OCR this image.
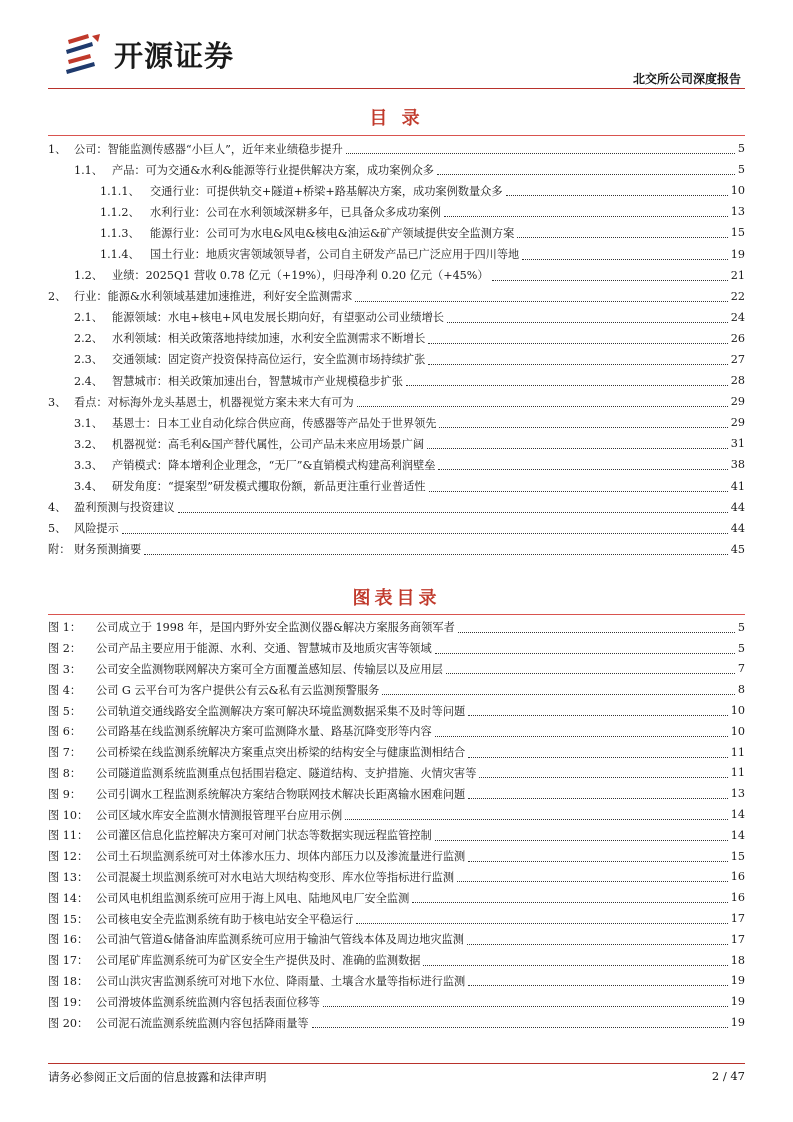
开源证券
北交所公司深度报告
目 录
1、 公司：智能监测传感器“小巨人”，近年来业绩稳步提升	5
1.1、 产品：可为交通&水利&能源等行业提供解决方案，成功案例众多	5
1.1.1、 交通行业：可提供轨交+隧道+桥梁+路基解决方案，成功案例数量众多	10
1.1.2、 水利行业：公司在水利领域深耕多年，已具备众多成功案例	13
1.1.3、 能源行业：公司可为水电&风电&核电&油运&矿产领域提供安全监测方案	15
1.1.4、 国土行业：地质灾害领域领导者，公司自主研发产品已广泛应用于四川等地	19
1.2、 业绩：2025Q1 营收 0.78 亿元（+19%），归母净利 0.20 亿元（+45%）	21
2、 行业：能源&水利领域基建加速推进，利好安全监测需求	22
2.1、 能源领域：水电+核电+风电发展长期向好，有望驱动公司业绩增长	24
2.2、 水利领域：相关政策落地持续加速，水利安全监测需求不断增长	26
2.3、 交通领域：固定资产投资保持高位运行，安全监测市场持续扩张	27
2.4、 智慧城市：相关政策加速出台，智慧城市产业规模稳步扩张	28
3、 看点：对标海外龙头基恩士，机器视觉方案未来大有可为	29
3.1、 基恩士：日本工业自动化综合供应商，传感器等产品处于世界领先	29
3.2、 机器视觉：高毛利&国产替代属性，公司产品未来应用场景广阔	31
3.3、 产销模式：降本增利企业理念，“无厂”&直销模式构建高利润壁垒	38
3.4、 研发角度：“提案型”研发模式攫取份额，新品更注重行业普适性	41
4、 盈利预测与投资建议	44
5、 风险提示	44
附： 财务预测摘要	45
图表目录
图 1：	公司成立于 1998 年，是国内野外安全监测仪器&解决方案服务商领军者	5
图 2：	公司产品主要应用于能源、水利、交通、智慧城市及地质灾害等领域	5
图 3：	公司安全监测物联网解决方案可全方面覆盖感知层、传输层以及应用层	7
图 4：	公司 G 云平台可为客户提供公有云&私有云监测预警服务	8
图 5：	公司轨道交通线路安全监测解决方案可解决环境监测数据采集不及时等问题	10
图 6：	公司路基在线监测系统解决方案可监测降水量、路基沉降变形等内容	10
图 7：	公司桥梁在线监测系统解决方案重点突出桥梁的结构安全与健康监测相结合	11
图 8：	公司隧道监测系统监测重点包括围岩稳定、隧道结构、支护措施、火情灾害等	11
图 9：	公司引调水工程监测系统解决方案结合物联网技术解决长距离输水困难问题	13
图 10： 公司区域水库安全监测水情测报管理平台应用示例	14
图 11： 公司灌区信息化监控解决方案可对闸门状态等数据实现远程监管控制	14
图 12： 公司土石坝监测系统可对土体渗水压力、坝体内部压力以及渗流量进行监测	15
图 13： 公司混凝土坝监测系统可对水电站大坝结构变形、库水位等指标进行监测	16
图 14： 公司风电机组监测系统可应用于海上风电、陆地风电厂安全监测	16
图 15： 公司核电安全壳监测系统有助于核电站安全平稳运行	17
图 16： 公司油气管道&储备油库监测系统可应用于输油气管线本体及周边地灾监测	17
图 17： 公司尾矿库监测系统可为矿区安全生产提供及时、准确的监测数据	18
图 18： 公司山洪灾害监测系统可对地下水位、降雨量、土壤含水量等指标进行监测	19
图 19： 公司滑坡体监测系统监测内容包括表面位移等	19
图 20： 公司泥石流监测系统监测内容包括降雨量等	19
请务必参阅正文后面的信息披露和法律声明	2 / 47
